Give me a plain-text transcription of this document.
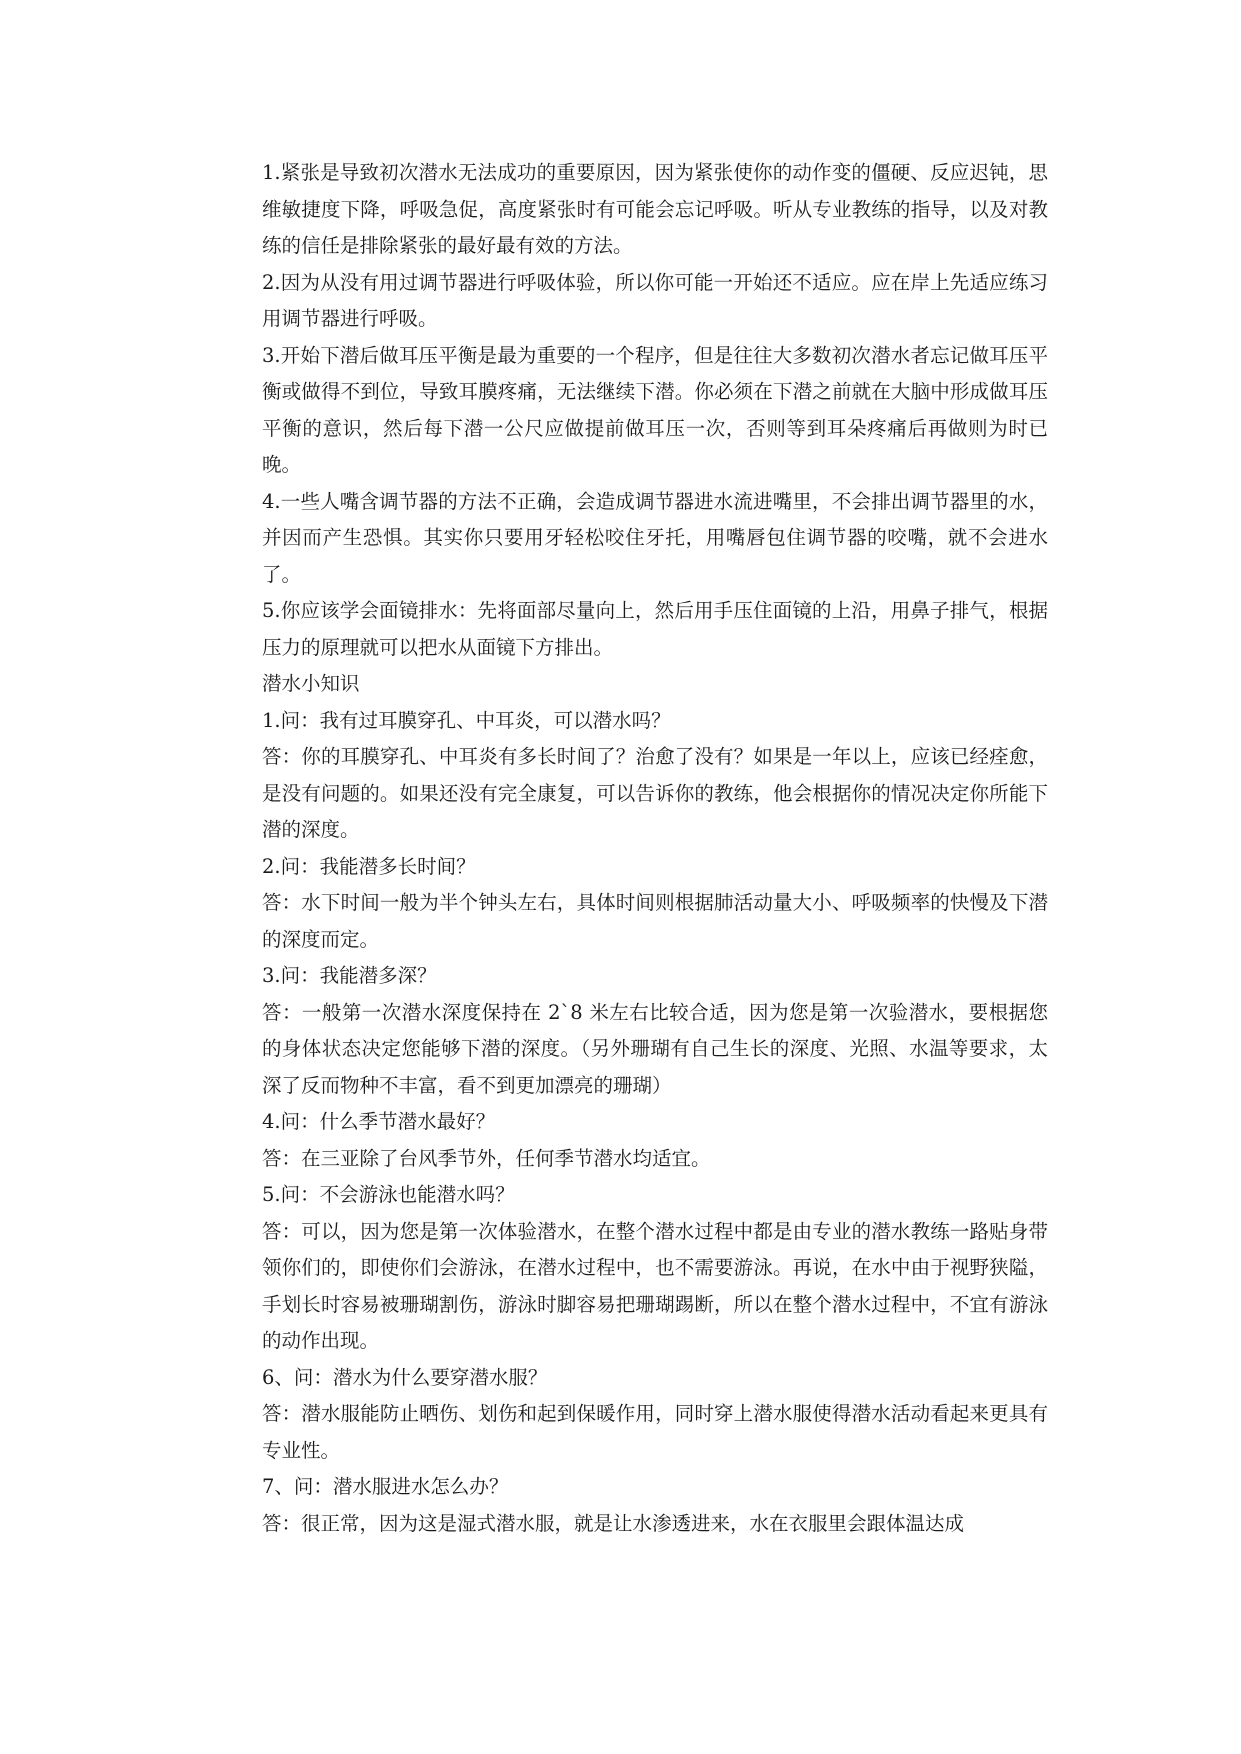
1.紧张是导致初次潜水无法成功的重要原因，因为紧张使你的动作变的僵硬、反应迟钝，思维敏捷度下降，呼吸急促，高度紧张时有可能会忘记呼吸。听从专业教练的指导，以及对教练的信任是排除紧张的最好最有效的方法。

2.因为从没有用过调节器进行呼吸体验，所以你可能一开始还不适应。应在岸上先适应练习用调节器进行呼吸。

3.开始下潜后做耳压平衡是最为重要的一个程序，但是往往大多数初次潜水者忘记做耳压平衡或做得不到位，导致耳膜疼痛，无法继续下潜。你必须在下潜之前就在大脑中形成做耳压平衡的意识，然后每下潜一公尺应做提前做耳压一次，否则等到耳朵疼痛后再做则为时已晚。

4.一些人嘴含调节器的方法不正确，会造成调节器进水流进嘴里，不会排出调节器里的水，并因而产生恐惧。其实你只要用牙轻松咬住牙托，用嘴唇包住调节器的咬嘴，就不会进水了。

5.你应该学会面镜排水：先将面部尽量向上，然后用手压住面镜的上沿，用鼻子排气，根据压力的原理就可以把水从面镜下方排出。

潜水小知识

1.问：我有过耳膜穿孔、中耳炎，可以潜水吗？

答：你的耳膜穿孔、中耳炎有多长时间了？治愈了没有？如果是一年以上，应该已经痊愈，是没有问题的。如果还没有完全康复，可以告诉你的教练，他会根据你的情况决定你所能下潜的深度。

2.问：我能潜多长时间？

答：水下时间一般为半个钟头左右，具体时间则根据肺活动量大小、呼吸频率的快慢及下潜的深度而定。

3.问：我能潜多深？

答：一般第一次潜水深度保持在 2`8 米左右比较合适，因为您是第一次验潜水，要根据您的身体状态决定您能够下潜的深度。（另外珊瑚有自己生长的深度、光照、水温等要求，太深了反而物种不丰富，看不到更加漂亮的珊瑚）

4.问：什么季节潜水最好？

答：在三亚除了台风季节外，任何季节潜水均适宜。

5.问：不会游泳也能潜水吗？

答：可以，因为您是第一次体验潜水，在整个潜水过程中都是由专业的潜水教练一路贴身带领你们的，即使你们会游泳，在潜水过程中，也不需要游泳。再说，在水中由于视野狭隘，手划长时容易被珊瑚割伤，游泳时脚容易把珊瑚踢断，所以在整个潜水过程中，不宜有游泳的动作出现。

6、问：潜水为什么要穿潜水服？

答：潜水服能防止晒伤、划伤和起到保暖作用，同时穿上潜水服使得潜水活动看起来更具有专业性。

7、问：潜水服进水怎么办？

答：很正常，因为这是湿式潜水服，就是让水渗透进来，水在衣服里会跟体温达成
